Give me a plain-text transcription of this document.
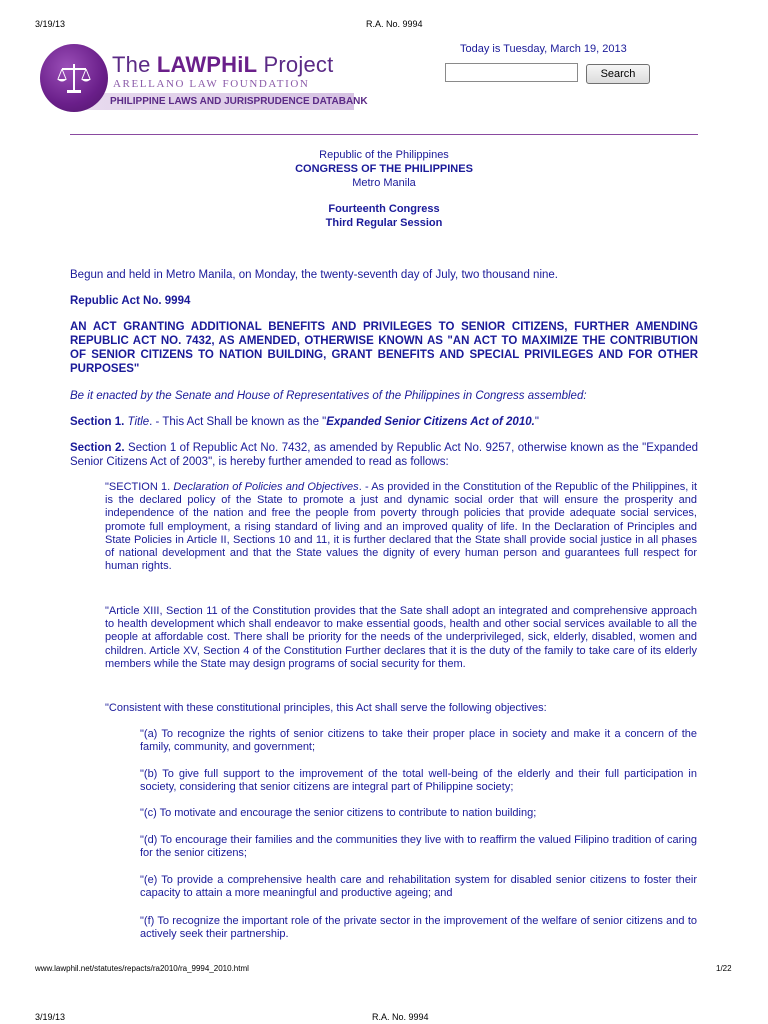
3/19/13	R.A. No. 9994
PHILIPPINE LAWS AND JURISPRUDENCE DATABANK
The LAWPHiL Project
ARELLANO LAW FOUNDATION
Today is Tuesday, March 19, 2013
Search
Republic of the Philippines
CONGRESS OF THE PHILIPPINES
Metro Manila
Fourteenth Congress
Third Regular Session
Begun and held in Metro Manila, on Monday, the twenty-seventh day of July, two thousand nine.
Republic Act No. 9994
AN ACT GRANTING ADDITIONAL BENEFITS AND PRIVILEGES TO SENIOR CITIZENS, FURTHER AMENDING REPUBLIC ACT NO. 7432, AS AMENDED, OTHERWISE KNOWN AS "AN ACT TO MAXIMIZE THE CONTRIBUTION OF SENIOR CITIZENS TO NATION BUILDING, GRANT BENEFITS AND SPECIAL PRIVILEGES AND FOR OTHER PURPOSES"
Be it enacted by the Senate and House of Representatives of the Philippines in Congress assembled:
Section 1. Title. - This Act Shall be known as the "Expanded Senior Citizens Act of 2010."
Section 2. Section 1 of Republic Act No. 7432, as amended by Republic Act No. 9257, otherwise known as the "Expanded Senior Citizens Act of 2003", is hereby further amended to read as follows:
"SECTION 1. Declaration of Policies and Objectives. - As provided in the Constitution of the Republic of the Philippines, it is the declared policy of the State to promote a just and dynamic social order that will ensure the prosperity and independence of the nation and free the people from poverty through policies that provide adequate social services, promote full employment, a rising standard of living and an improved quality of life. In the Declaration of Principles and State Policies in Article II, Sections 10 and 11, it is further declared that the State shall provide social justice in all phases of national development and that the State values the dignity of every human person and guarantees full respect for human rights.
"Article XIII, Section 11 of the Constitution provides that the Sate shall adopt an integrated and comprehensive approach to health development which shall endeavor to make essential goods, health and other social services available to all the people at affordable cost. There shall be priority for the needs of the underprivileged, sick, elderly, disabled, women and children. Article XV, Section 4 of the Constitution Further declares that it is the duty of the family to take care of its elderly members while the State may design programs of social security for them.
"Consistent with these constitutional principles, this Act shall serve the following objectives:
"(a) To recognize the rights of senior citizens to take their proper place in society and make it a concern of the family, community, and government;
"(b) To give full support to the improvement of the total well-being of the elderly and their full participation in society, considering that senior citizens are integral part of Philippine society;
"(c) To motivate and encourage the senior citizens to contribute to nation building;
"(d) To encourage their families and the communities they live with to reaffirm the valued Filipino tradition of caring for the senior citizens;
"(e) To provide a comprehensive health care and rehabilitation system for disabled senior citizens to foster their capacity to attain a more meaningful and productive ageing; and
"(f) To recognize the important role of the private sector in the improvement of the welfare of senior citizens and to actively seek their partnership.
www.lawphil.net/statutes/repacts/ra2010/ra_9994_2010.html	1/22
3/19/13	R.A. No. 9994
